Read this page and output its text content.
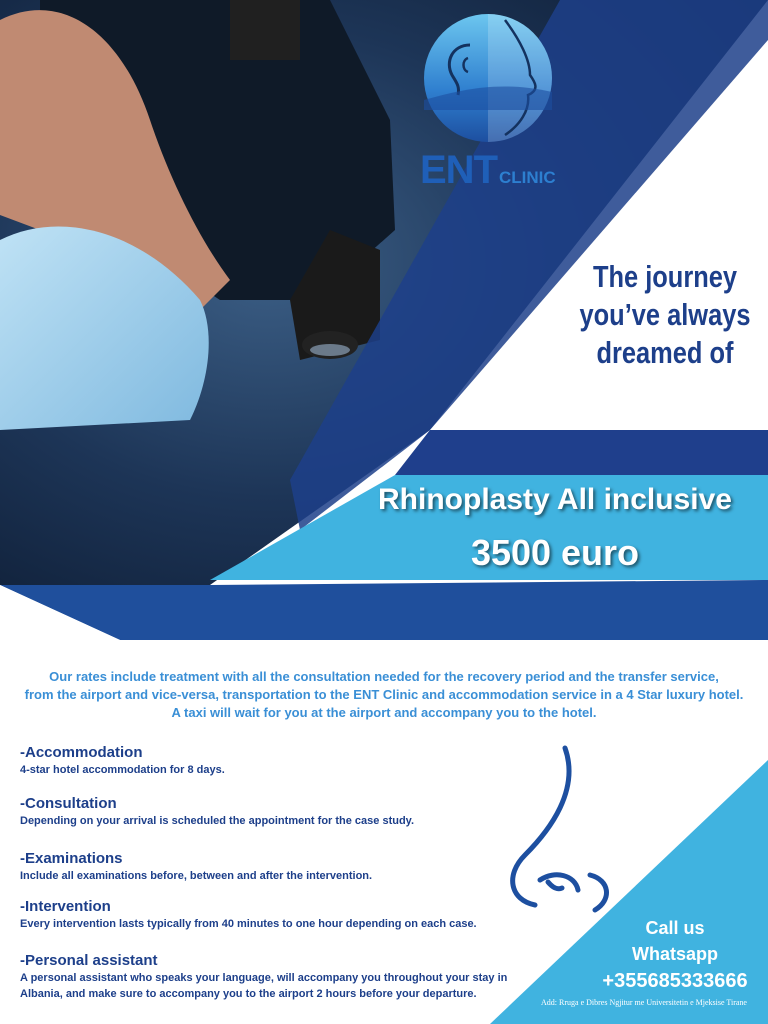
ENT CLINIC
The journey
you’ve always
dreamed of
Rhinoplasty All inclusive
3500 euro
Our rates include treatment with all the consultation needed for the recovery period and the transfer service,
from the airport and vice-versa, transportation to the ENT Clinic and accommodation service in a 4 Star luxury hotel.
A taxi will wait for you at the airport and accompany you to the hotel.
-Accommodation
4-star hotel accommodation for 8 days.
-Consultation
Depending on your arrival is scheduled the appointment for the case study.
-Examinations
Include all examinations before, between and after the intervention.
-Intervention
Every intervention lasts typically from 40 minutes to one hour depending on each case.
-Personal assistant
A personal assistant who speaks your language, will accompany you throughout your stay in Albania, and make sure to accompany you to the airport 2 hours before your departure.
Call us
Whatsapp
+355685333666
Add: Rruga e Dibres Ngjitur me Universitetin e Mjeksise Tirane
